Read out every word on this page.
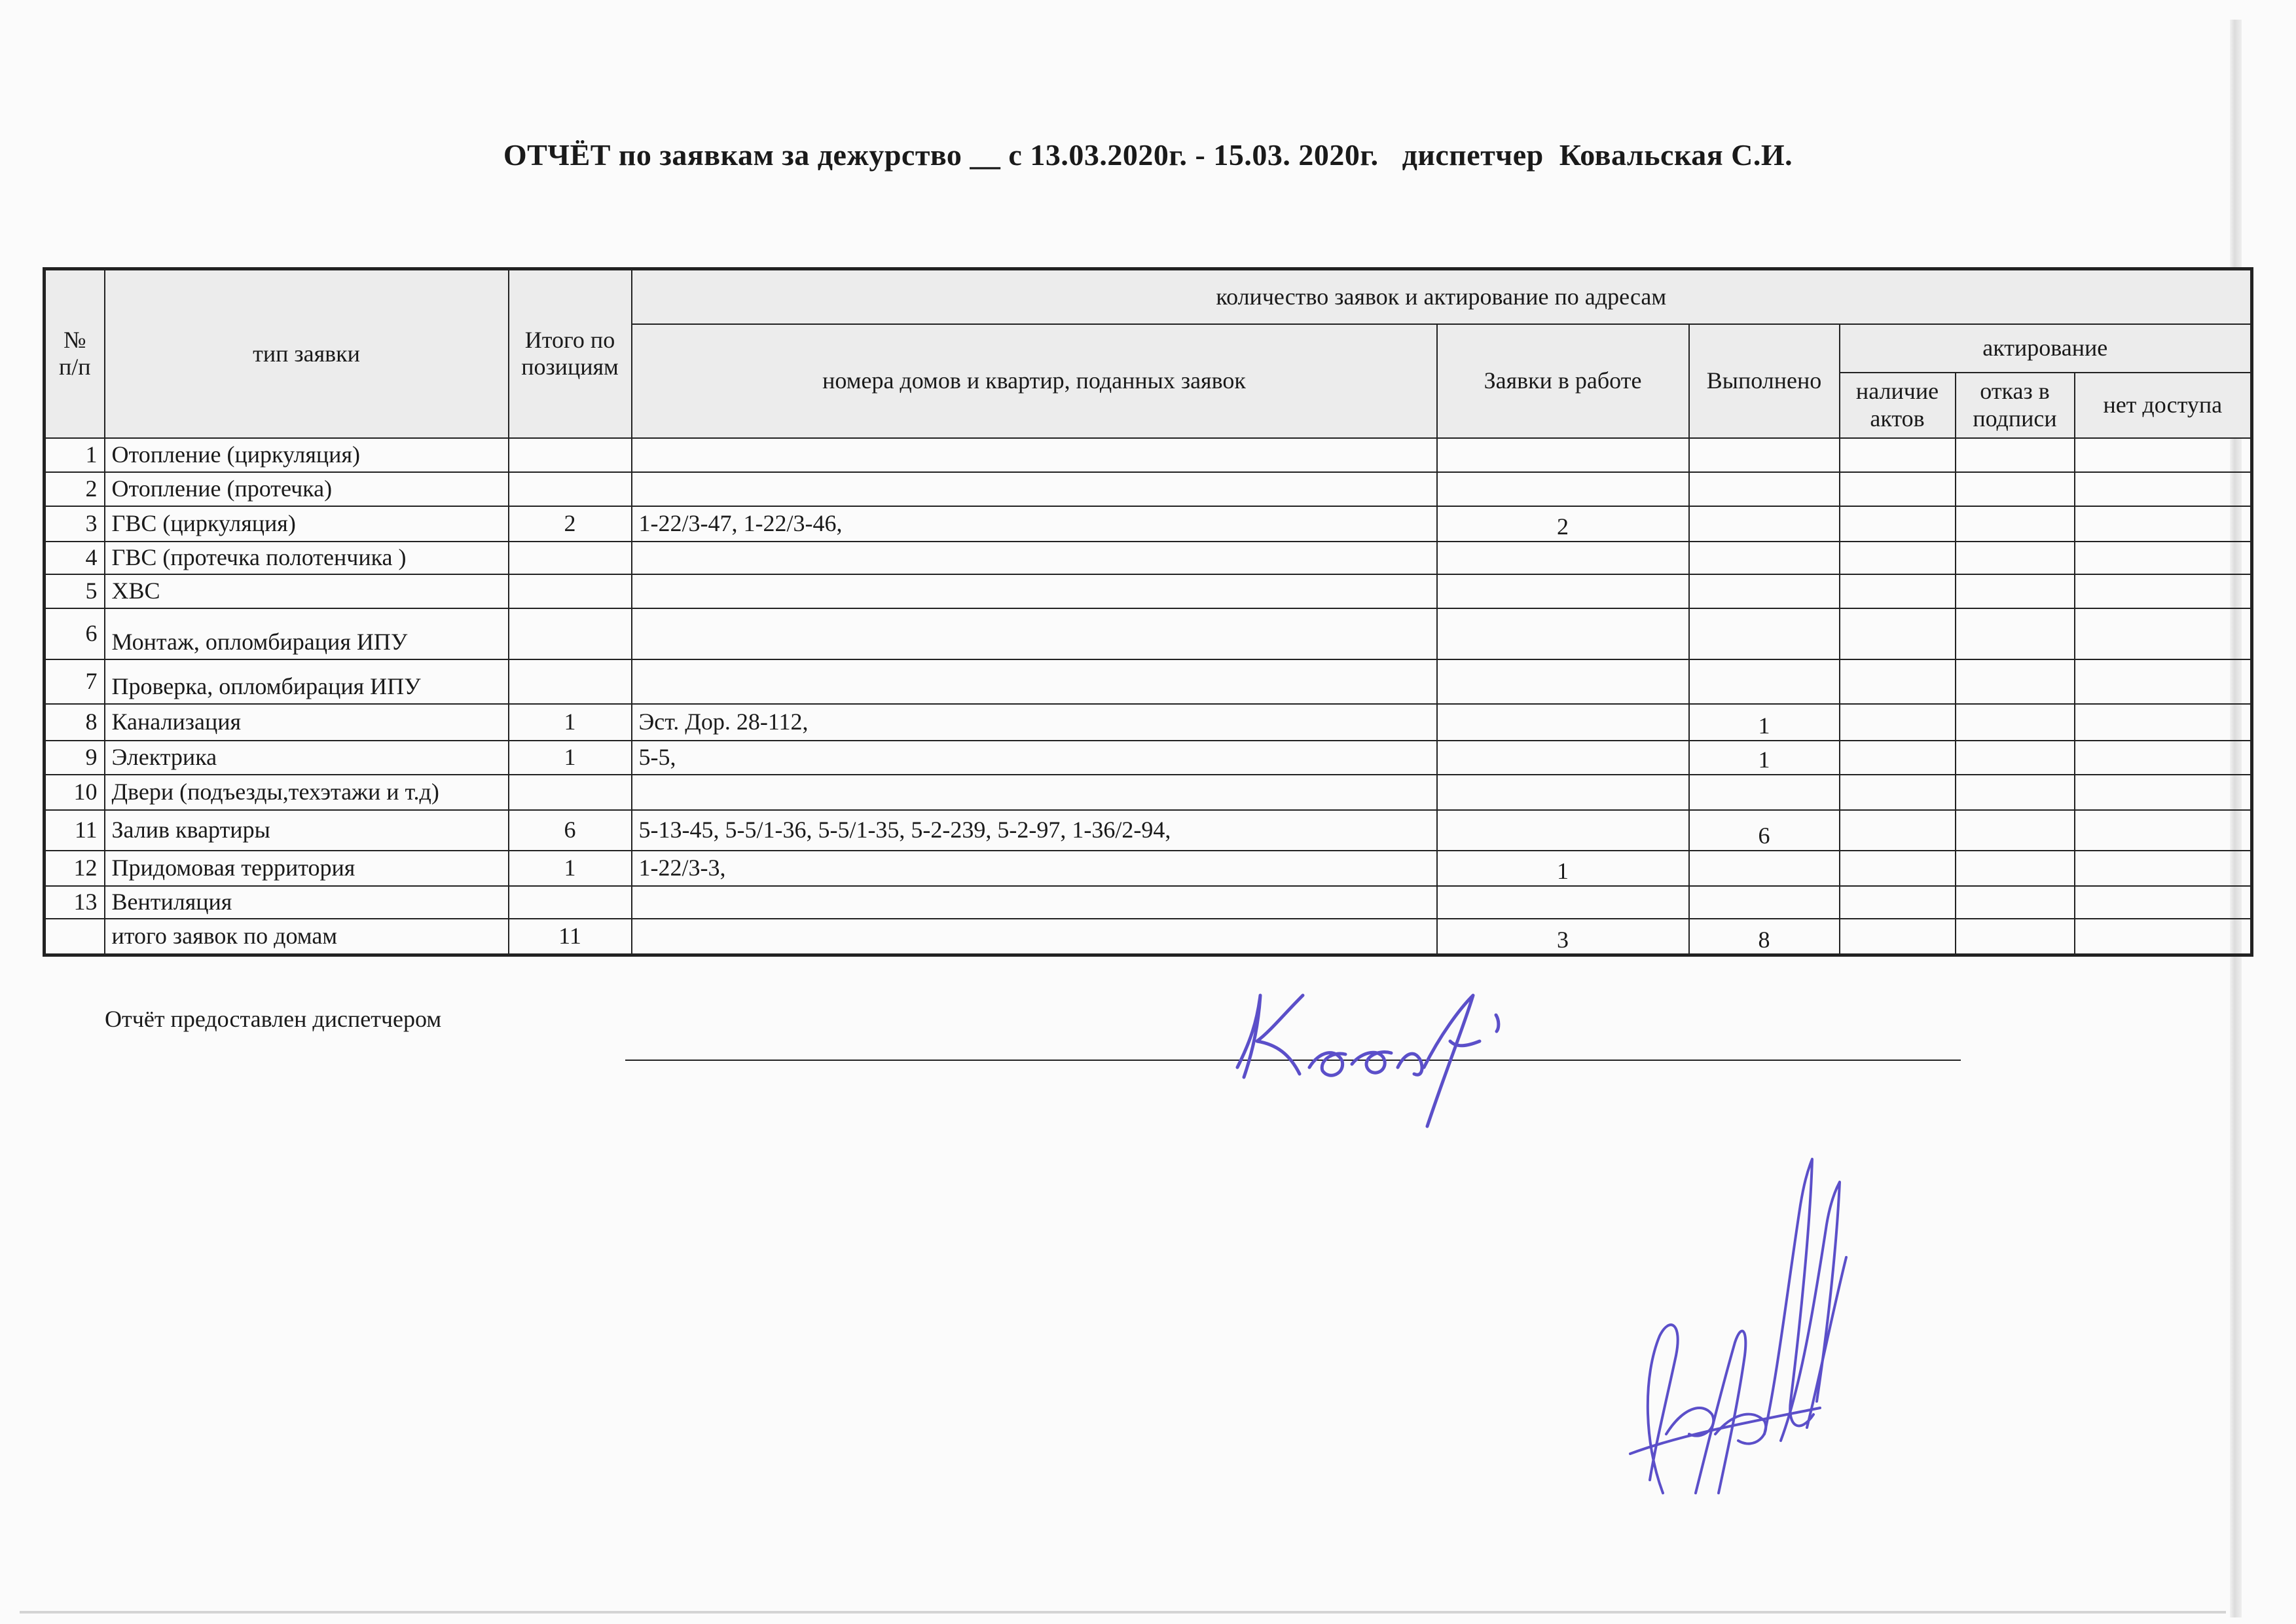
ОТЧЁТ по заявкам за дежурство __ с 13.03.2020г. - 15.03. 2020г. диспетчер  Ковальская С.И.
№ п/п	тип заявки	Итого по позициям	количество заявок и актирование по адресам					
			номера домов и квартир, поданных заявок	Заявки в работе	Выполнено	актирование		
						наличие актов	отказ в подписи	нет доступа
1	Отопление (циркуляция)							
2	Отопление (протечка)							
3	ГВС (циркуляция)	2	1-22/3-47, 1-22/3-46,	2				
4	ГВС (протечка полотенчика )							
5	ХВС							
6	Монтаж, опломбирация ИПУ							
7	Проверка, опломбирация ИПУ							
8	Канализация	1	Эст. Дор. 28-112,		1			
9	Электрика	1	5-5,		1			
10	Двери (подъезды,техэтажи и т.д)							
11	Залив квартиры	6	5-13-45, 5-5/1-36, 5-5/1-35, 5-2-239, 5-2-97, 1-36/2-94,		6			
12	Придомовая территория	1	1-22/3-3,	1				
13	Вентиляция							
	итого заявок по домам	11		3	8			
Отчёт предоставлен диспетчером
